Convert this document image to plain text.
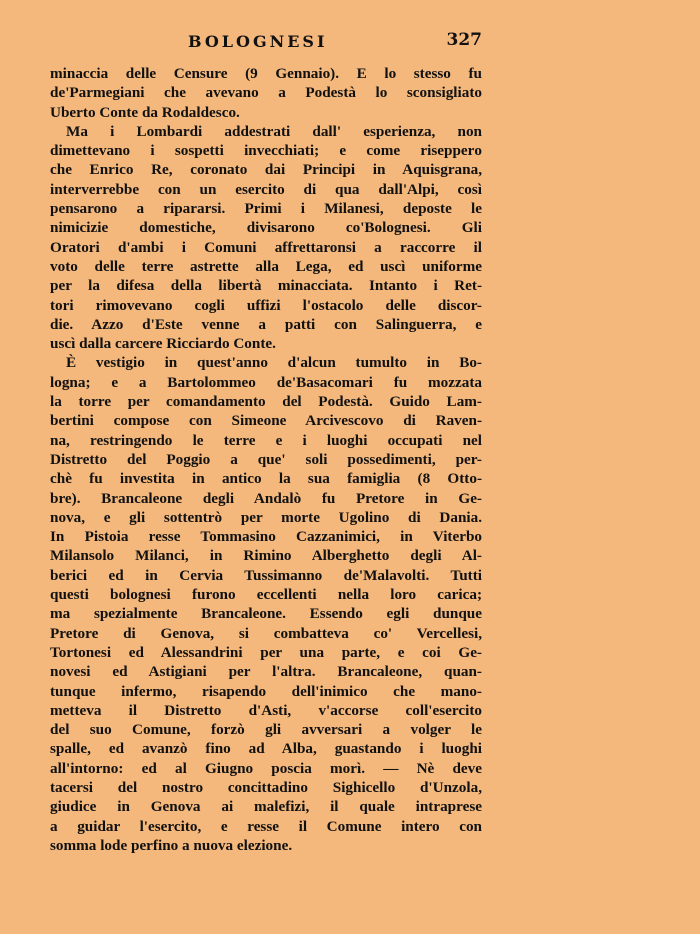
BOLOGNESI	327
minaccia delle Censure (9 Gennaio). E lo stesso fu
de'Parmegiani che avevano a Podestà lo sconsigliato
Uberto Conte da Rodaldesco.
Ma i Lombardi addestrati dall' esperienza, non
dimettevano i sospetti invecchiati; e come risepperо
che Enrico Re, coronato dai Principi in Aquisgrana,
interverrebbe con un esercito di qua dall'Alpi, così
pensarono a ripararsi. Primi i Milanesi, deposte le
nimicizie domestiche, divisarono co'Bolognesi. Gli
Oratori d'ambi i Comuni affrettaronsi a raccorre il
voto delle terre astrette alla Lega, ed uscì uniforme
per la difesa della libertà minacciata. Intanto i Ret-
tori rimovevano cogli uffizi l'ostacolo delle discor-
die. Azzo d'Este venne a patti con Salinguerra, e
uscì dalla carcere Ricciardo Conte.
È vestigio in quest'anno d'alcun tumulto in Bo-
logna; e a Bartolommeo de'Basacomari fu mozzata
la torre per comandamento del Podestà. Guido Lam-
bertini compose con Simeone Arcivescovo di Raven-
na, restringendo le terre e i luoghi occupati nel
Distretto del Poggio a que' soli possedimenti, per-
chè fu investita in antico la sua famiglia (8 Otto-
bre). Brancaleone degli Andalò fu Pretore in Ge-
nova, e gli sottentrò per morte Ugolino di Dania.
In Pistoia resse Tommasino Cazzanimici, in Viterbo
Milansolo Milanci, in Rimino Alberghetto degli Al-
berici ed in Cervia Tussimanno de'Malavolti. Tutti
questi bolognesi furono eccellenti nella loro carica;
ma spezialmente Brancaleone. Essendo egli dunque
Pretore di Genova, si combatteva co' Vercellesi,
Tortonesi ed Alessandrini per una parte, e coi Ge-
novesi ed Astigiani per l'altra. Brancaleone, quan-
tunque infermo, risapendo dell'inimico che mano-
metteva il Distretto d'Asti, v'accorse coll'esercito
del suo Comune, forzò gli avversari a volger le
spalle, ed avanzò fino ad Alba, guastando i luoghi
all'intorno: ed al Giugno poscia morì. — Nè deve
tacersi del nostro concittadino Sighicello d'Unzola,
giudice in Genova ai malefizi, il quale intraprese
a guidar l'esercito, e resse il Comune intero con
somma lode perfino a nuova elezione.
